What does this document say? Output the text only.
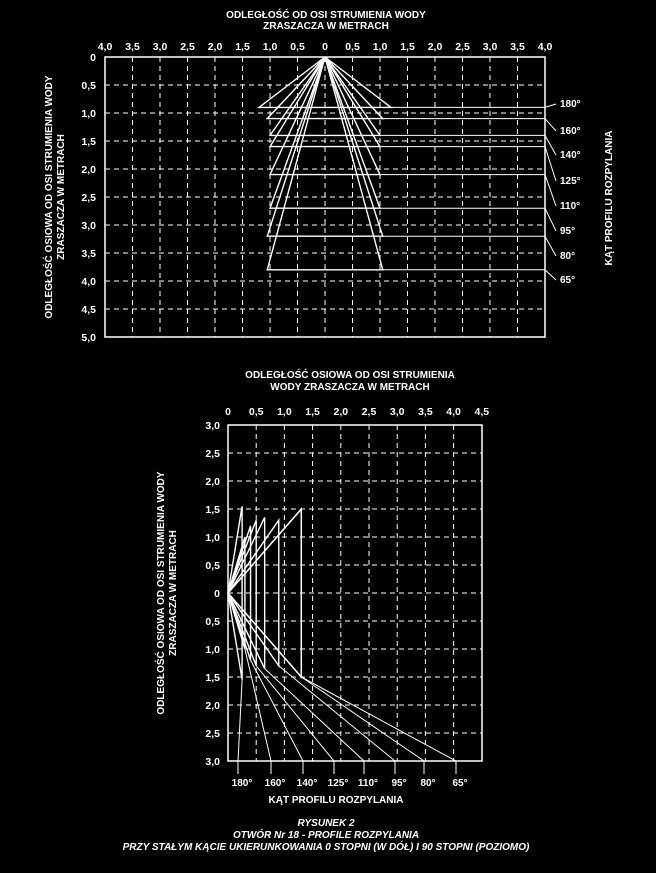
ODLEGŁOŚĆ OD OSI STRUMIENIA WODY
ZRASZACZA W METRACH
4,0 3,5 3,0 2,5 2,0 1,5 1,0 0,5 0 0,5 1,0 1,5 2,0 2,5 3,0 3,5 4,0
0
0,5
1,0
1,5
2,0
2,5
3,0
3,5
4,0
4,5
5,0
180°
160°
140°
125°
110°
95°
80°
65°
ODLEGŁOŚĆ OSIOWA OD OSI STRUMIENIA WODY ZRASZACZA W METRACH	KĄT PROFILU ROZPYLANIA
ODLEGŁOŚĆ OSIOWA OD OSI STRUMIENIA
WODY ZRASZACZA W METRACH
0 0,5 1,0 1,5 2,0 2,5 3,0 3,5 4,0 4,5
3,0
2,5
2,0
1,5
1,0
0,5
0
0,5
1,0
1,5
2,0
2,5
3,0
180° 160° 140° 125° 110° 95° 80° 65°
ODLEGŁOŚĆ OSIOWA OD OSI STRUMIENIA WODY ZRASZACZA W METRACH
KĄT PROFILU ROZPYLANIA
RYSUNEK 2
OTWÓR Nr 18 - PROFILE ROZPYLANIA
PRZY STAŁYM KĄCIE UKIERUNKOWANIA 0 STOPNI (W DÓŁ) I 90 STOPNI (POZIOMO)
